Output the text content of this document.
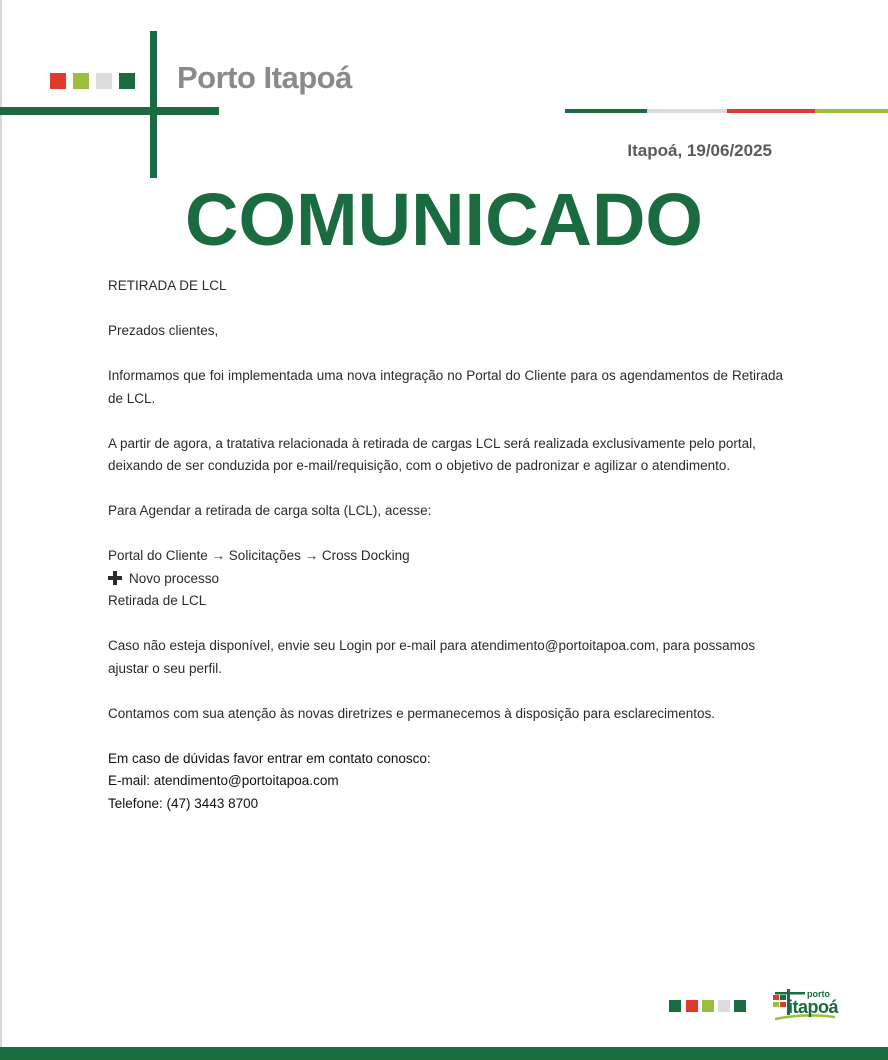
Porto Itapoá
Itapoá, 19/06/2025
COMUNICADO

RETIRADA DE LCL

Prezados clientes,

Informamos que foi implementada uma nova integração no Portal do Cliente para os agendamentos de Retirada de LCL.

A partir de agora, a tratativa relacionada à retirada de cargas LCL será realizada exclusivamente pelo portal, deixando de ser conduzida por e-mail/requisição, com o objetivo de padronizar e agilizar o atendimento.

Para Agendar a retirada de carga solta (LCL), acesse:

Portal do Cliente → Solicitações → Cross Docking
Novo processo
Retirada de LCL

Caso não esteja disponível, envie seu Login por e-mail para atendimento@portoitapoa.com, para possamos ajustar o seu perfil.

Contamos com sua atenção às novas diretrizes e permanecemos à disposição para esclarecimentos.

Em caso de dúvidas favor entrar em contato conosco:
E-mail: atendimento@portoitapoa.com
Telefone: (47) 3443 8700
porto
itapoá
